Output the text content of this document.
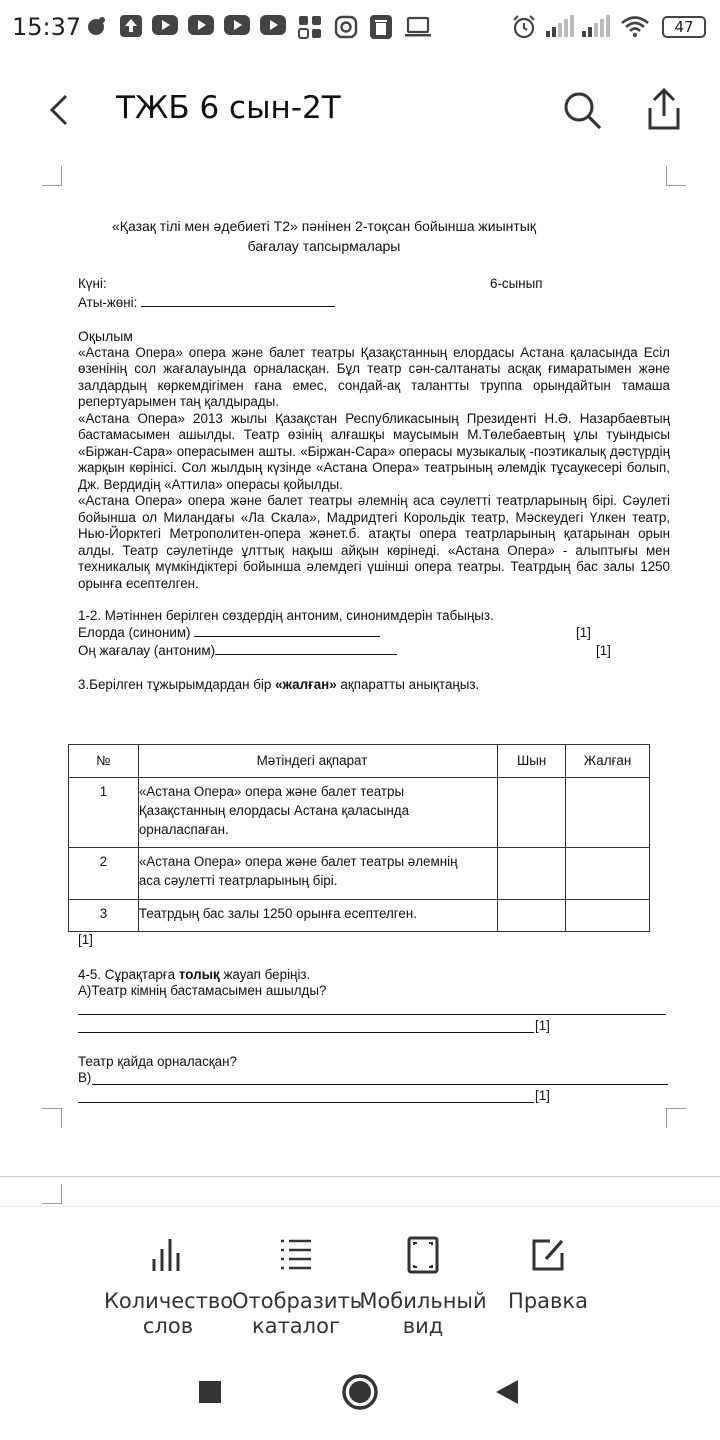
15:37	47
ТЖБ 6 сын-2Т
«Қазақ тілі мен әдебиеті Т2» пәнінен 2-тоқсан бойынша жиынтық
бағалау тапсырмалары
Күні:	6-сынып
Аты-жөні:
Оқылым
«Астана Опера» опера және балет театры Қазақстанның елордасы Астана қаласында Есіл өзенінің сол жағалауында орналасқан. Бұл театр сән-салтанаты асқақ ғимаратымен және залдардың көркемдігімен ғана емес, сондай-ақ талантты труппа орындайтын тамаша репертуарымен таң қалдырады.
«Астана Опера» 2013 жылы Қазақстан Республикасының Президенті Н.Ә. Назарбаевтың бастамасымен ашылды. Театр өзінің алғашқы маусымын М.Төлебаевтың ұлы туындысы «Біржан-Сара» операсымен ашты. «Біржан-Сара» операсы музыкалық -поэтикалық дәстүрдің жарқын көрінісі. Сол жылдың күзінде «Астана Опера» театрының әлемдік тұсаукесері болып, Дж. Вердидің «Аттила» операсы қойылды.
«Астана Опера» опера және балет театры әлемнің аса сәулетті театрларының бірі. Сәулеті бойынша ол Миландағы «Ла Скала», Мадридтегі Корольдік театр, Мәскеудегі Үлкен театр, Нью-Йорктегі Метрополитен-опера жәнет.б. атақты опера театрларының қатарынан орын алды. Театр сәулетінде ұлттық нақыш айқын көрінеді. «Астана Опера» - алыптығы мен техникалық мүмкіндіктері бойынша әлемдегі үшінші опера театры. Театрдың бас залы 1250 орынға есептелген.
1-2. Мәтіннен берілген сөздердің антоним, синонимдерін табыңыз.
Елорда (синоним)	[1]
Оң жағалау (антоним)	[1]
3.Берілген тұжырымдардан бір «жалған» ақпаратты анықтаңыз.
№	Мәтіндегі ақпарат	Шын	Жалған
1	«Астана Опера» опера және балет театры
Қазақстанның елордасы Астана қаласында
орналаспаған.		

2	«Астана Опера» опера және балет театры әлемнің
аса сәулетті театрларының бірі.		

3	Театрдың бас залы 1250 орынға есептелген.		

[1]
4-5. Сұрақтарға толық жауап беріңіз.
А)Театр кімнің бастамасымен ашылды?
[1]
Театр қайда орналасқан?
В)
[1]
Количество
слов
Отобразить
каталог
Мобильный
вид
Правка
